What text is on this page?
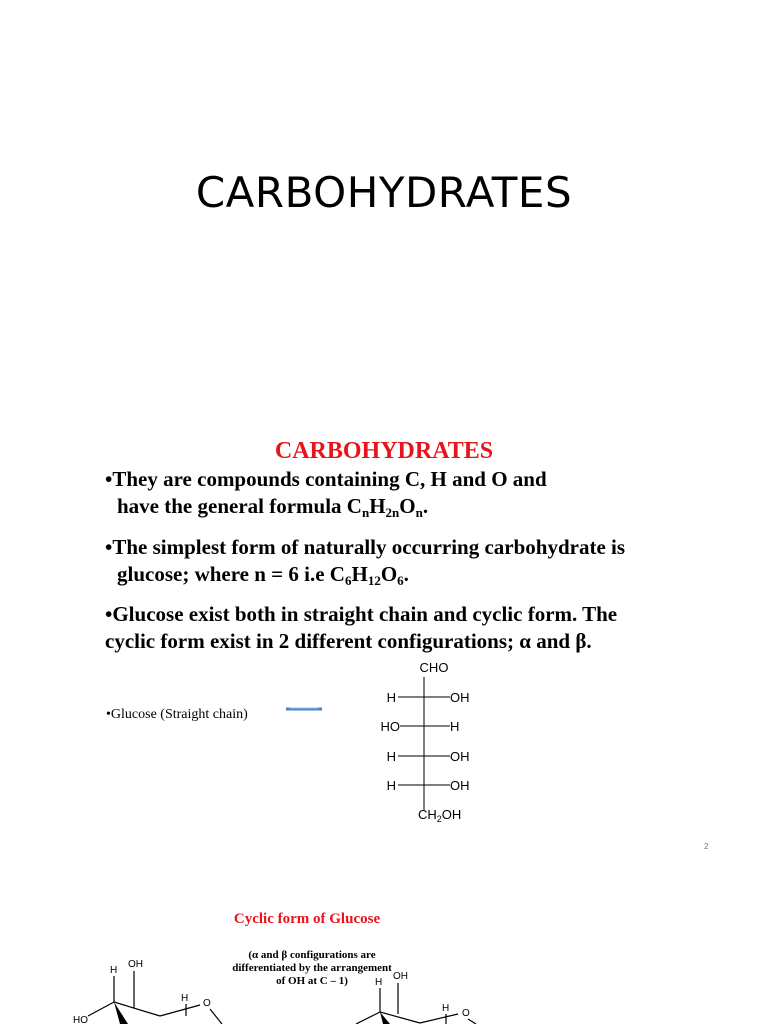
CARBOHYDRATES
CARBOHYDRATES
•They are compounds containing C, H and O and
have the general formula $C_nH_{2n}O_n$.
•The simplest form of naturally occurring carbohydrate is
glucose; where n = 6 i.e $C_6H_{12}O_6$.
•Glucose exist both in straight chain and cyclic form. The
cyclic form exist in 2 different configurations; α and β.
•Glucose (Straight chain)
CHO
H	OH
HO	H
H	OH
H	OH
$CH_2OH$
H
OH
H O
HO
H
OH
H O
2
Cyclic form of Glucose
(α and β configurations are
differentiated by the arrangement
of OH at C – 1)
